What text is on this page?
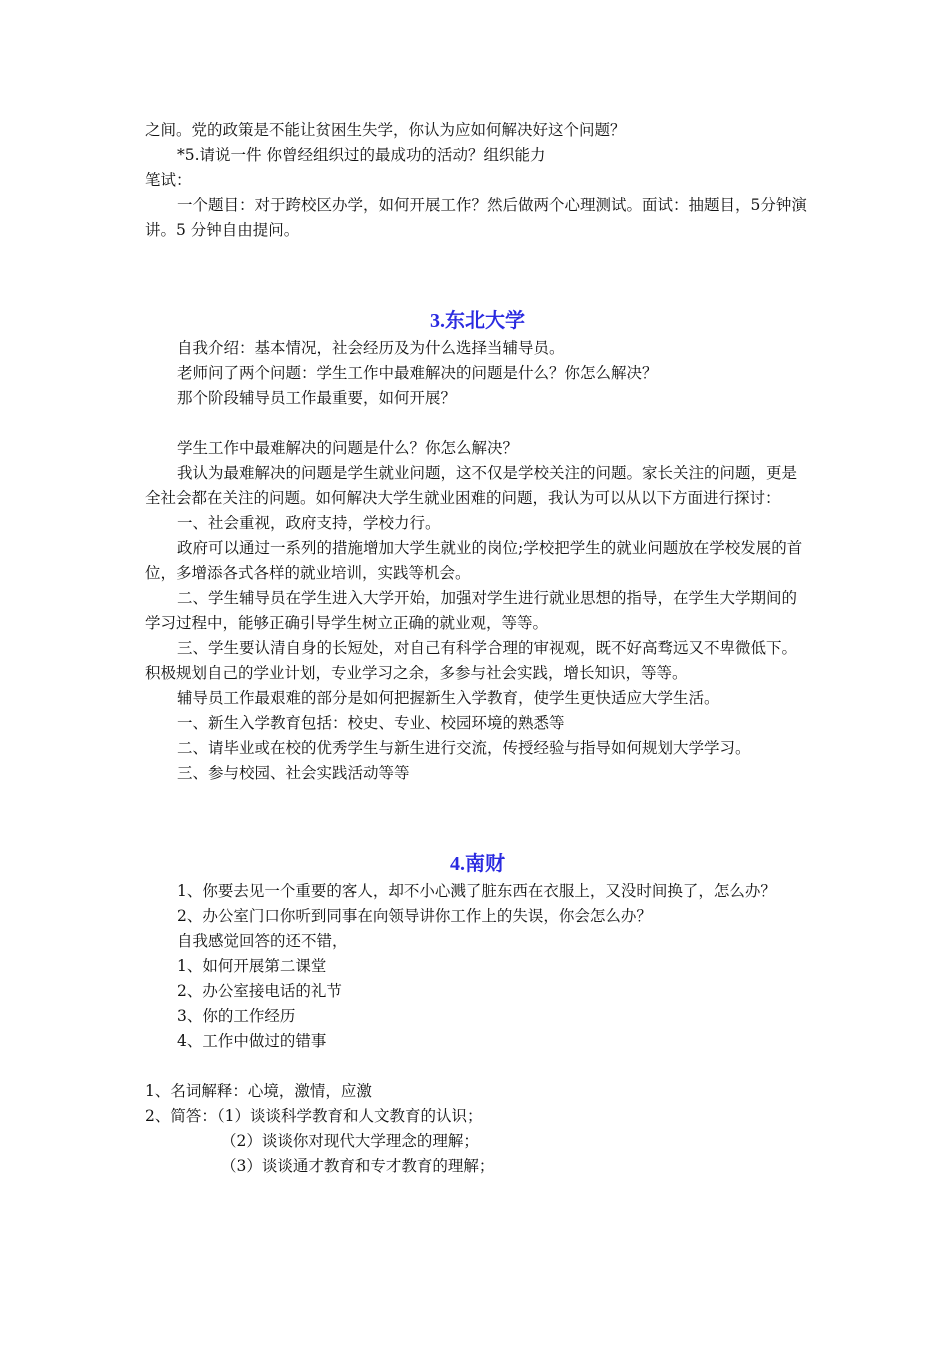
之间。党的政策是不能让贫困生失学，你认为应如何解决好这个问题？

*5.请说一件 你曾经组织过的最成功的活动？组织能力

笔试：

一个题目：对于跨校区办学，如何开展工作？然后做两个心理测试。面试：抽题目，5分钟演讲。5 分钟自由提问。

3.东北大学

自我介绍：基本情况，社会经历及为什么选择当辅导员。

老师问了两个问题：学生工作中最难解决的问题是什么？你怎么解决？

那个阶段辅导员工作最重要，如何开展？

学生工作中最难解决的问题是什么？你怎么解决？

我认为最难解决的问题是学生就业问题，这不仅是学校关注的问题。家长关注的问题，更是全社会都在关注的问题。如何解决大学生就业困难的问题，我认为可以从以下方面进行探讨：

一、社会重视，政府支持，学校力行。

政府可以通过一系列的措施增加大学生就业的岗位;学校把学生的就业问题放在学校发展的首位，多增添各式各样的就业培训，实践等机会。

二、学生辅导员在学生进入大学开始，加强对学生进行就业思想的指导，在学生大学期间的学习过程中，能够正确引导学生树立正确的就业观，等等。

三、学生要认清自身的长短处，对自己有科学合理的审视观，既不好高骛远又不卑微低下。积极规划自己的学业计划，专业学习之余，多参与社会实践，增长知识，等等。

辅导员工作最艰难的部分是如何把握新生入学教育，使学生更快适应大学生活。

一、新生入学教育包括：校史、专业、校园环境的熟悉等

二、请毕业或在校的优秀学生与新生进行交流，传授经验与指导如何规划大学学习。

三、参与校园、社会实践活动等等

4.南财

1、你要去见一个重要的客人，却不小心溅了脏东西在衣服上，又没时间换了，怎么办？

2、办公室门口你听到同事在向领导讲你工作上的失误，你会怎么办？

自我感觉回答的还不错，

1、如何开展第二课堂

2、办公室接电话的礼节

3、你的工作经历

4、工作中做过的错事

1、名词解释：心境，激情，应激

2、简答：（1）谈谈科学教育和人文教育的认识；

（2）谈谈你对现代大学理念的理解；

（3）谈谈通才教育和专才教育的理解；
